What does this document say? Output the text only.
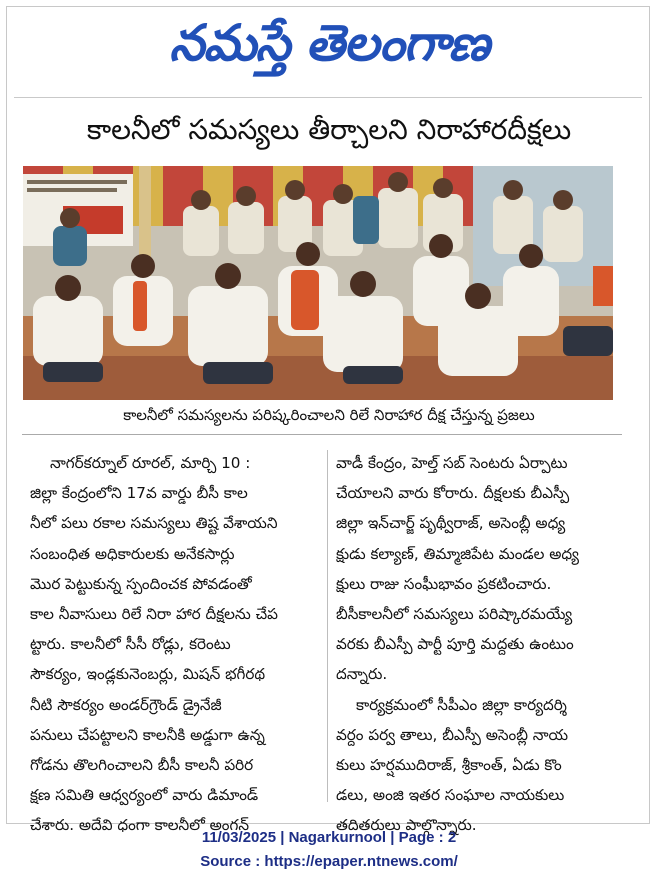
నమస్తే తెలంగాణ
కాలనీలో సమస్యలు తీర్చాలని నిరాహారదీక్షలు
కాలనీలో సమస్యలను పరిష్కరించాలని రిలే నిరాహార దీక్ష చేస్తున్న ప్రజలు
నాగర్‌కర్నూల్ రూరల్, మార్చి 10 :
జిల్లా కేంద్రంలోని 17వ వార్డు బీసీ కాల
నీలో పలు రకాల సమస్యలు తిష్ట వేశాయని
సంబంధిత అధికారులకు అనేకసార్లు
మొర పెట్టుకున్న స్పందించక పోవడంతో
కాల నీవాసులు రిలే నిరా హార దీక్షలను చేప
ట్టారు. కాలనీలో సీసీ రోడ్లు, కరెంటు
సౌకర్యం, ఇండ్లకునెంబర్లు, మిషన్ భగీరథ
నీటి సౌకర్యం అండర్‌గ్రౌండ్ డ్రైనేజీ
పనులు చేపట్టాలని కాలనీకి అడ్డుగా ఉన్న
గోడను తొలగించాలని బీసీ కాలనీ పరిర
క్షణ సమితి ఆధ్వర్యంలో వారు డిమాండ్
చేశారు. అదేవి ధంగా కాలనీలో అంగన్
వాడీ కేంద్రం, హెల్త్ సబ్ సెంటరు ఏర్పాటు
చేయాలని వారు కోరారు. దీక్షలకు బీఎస్పీ
జిల్లా ఇన్‌చార్జ్ పృథ్వీరాజ్, అసెంబ్లీ అధ్య
క్షుడు కల్యాణ్, తిమ్మాజిపేట మండల అధ్య
క్షులు రాజు సంఘీభావం ప్రకటించారు.
బీసీకాలనీలో సమస్యలు పరిష్కారమయ్యే
వరకు బీఎస్పీ పార్టీ పూర్తి మద్దతు ఉంటుం
దన్నారు.
కార్యక్రమంలో సీపీఎం జిల్లా కార్యదర్శి
వర్దం పర్వ తాలు, బీఎస్పీ అసెంబ్లీ నాయ
కులు హర్షముదిరాజ్, శ్రీకాంత్, ఏడు కొం
డలు, అంజి ఇతర సంఘాల నాయకులు
తదితరులు పాల్గొన్నారు.
11/03/2025 | Nagarkurnool | Page : 2
Source : https://epaper.ntnews.com/
